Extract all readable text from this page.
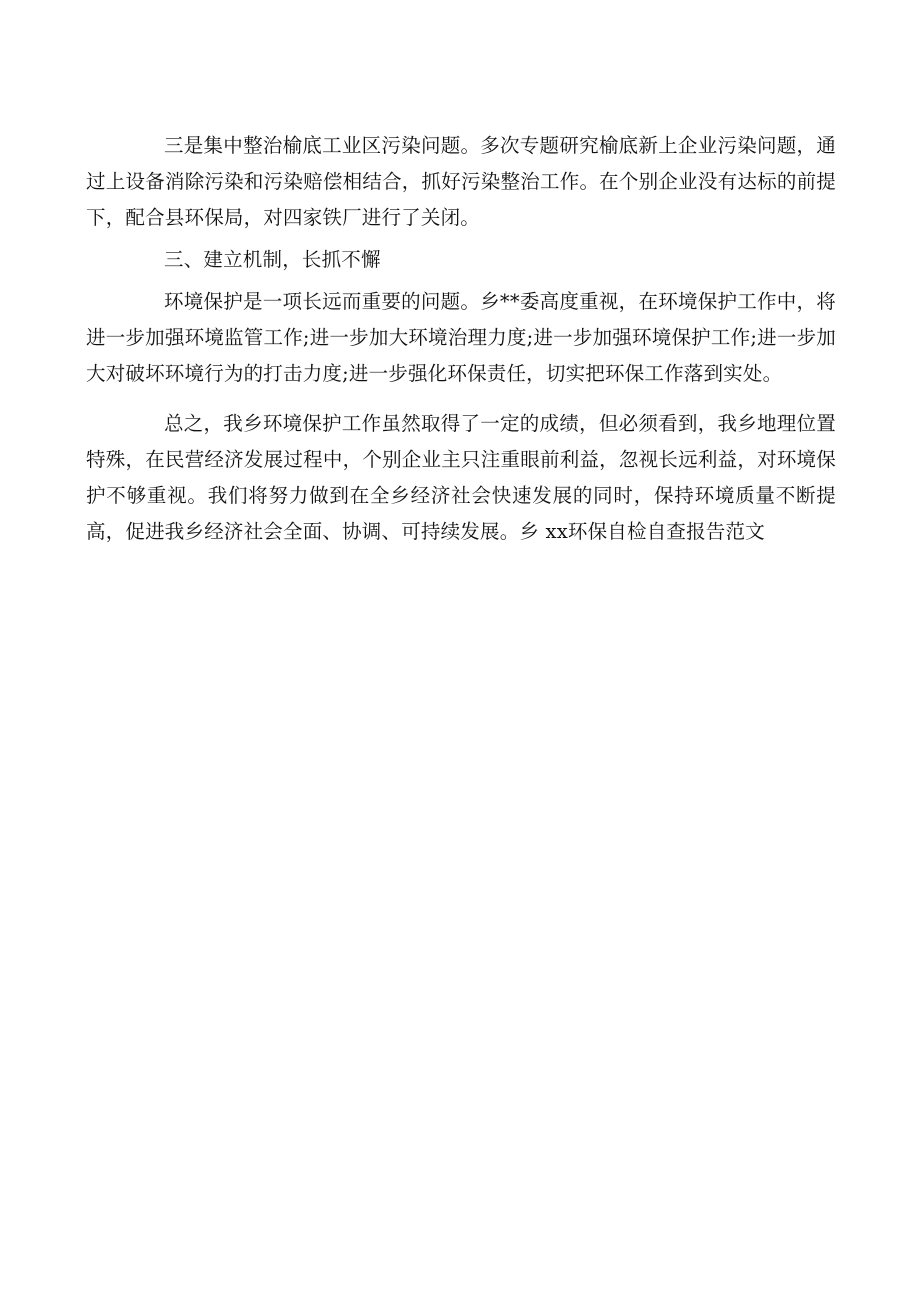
三是集中整治榆底工业区污染问题。多次专题研究榆底新上企业污染问题，通过上设备消除污染和污染赔偿相结合，抓好污染整治工作。在个别企业没有达标的前提下，配合县环保局，对四家铁厂进行了关闭。

三、建立机制，长抓不懈

环境保护是一项长远而重要的问题。乡**委高度重视，在环境保护工作中，将进一步加强环境监管工作;进一步加大环境治理力度;进一步加强环境保护工作;进一步加大对破坏环境行为的打击力度;进一步强化环保责任，切实把环保工作落到实处。

总之，我乡环境保护工作虽然取得了一定的成绩，但必须看到，我乡地理位置特殊，在民营经济发展过程中，个别企业主只注重眼前利益，忽视长远利益，对环境保护不够重视。我们将努力做到在全乡经济社会快速发展的同时，保持环境质量不断提高，促进我乡经济社会全面、协调、可持续发展。乡 xx环保自检自查报告范文
